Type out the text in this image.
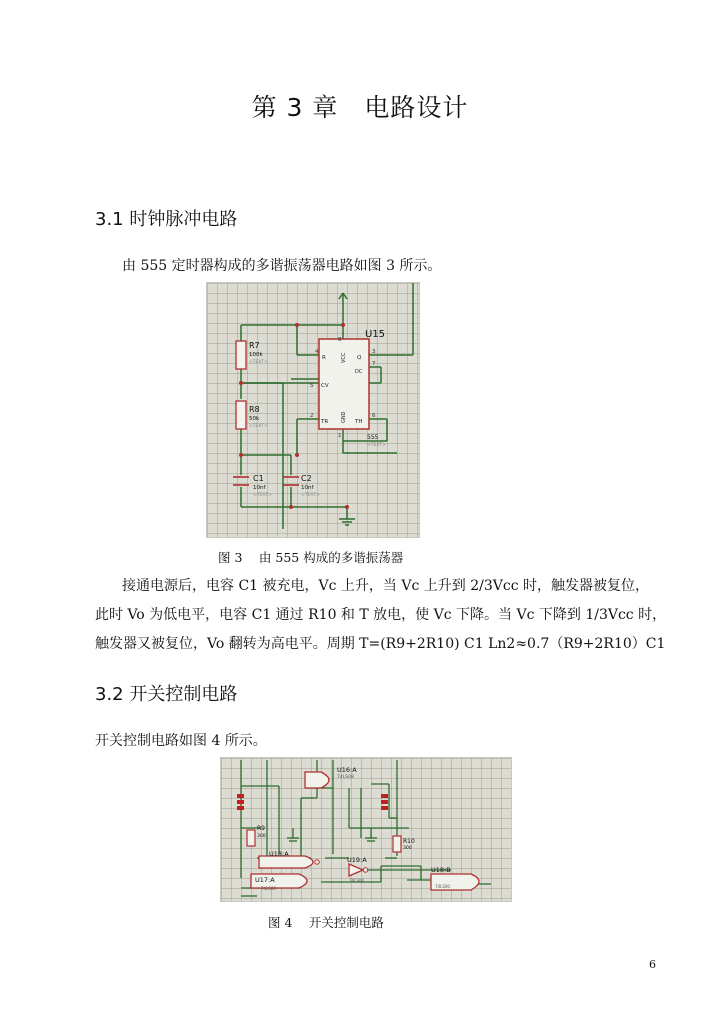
第 3 章　电路设计
3.1 时钟脉冲电路
由 555 定时器构成的多谐振荡器电路如图 3 所示。
U15
555
<TEXT>
R	VCC Q
DC
CV
TR	GND TH
4
8
3
7
5
2	6
1
R7
100k
<TEXT>
R8
50k
<TEXT>
C1
10nf
<TEXT>
C2
10nf
<TEXT>
图 3　 由 555 构成的多谐振荡器
接通电源后，电容 C1 被充电，Vc 上升，当 Vc 上升到 2/3Vcc 时，触发器被复位，
此时 Vo 为低电平，电容 C1 通过 R10 和 T 放电，使 Vc 下降。当 Vc 下降到 1/3Vcc 时，
触发器又被复位，Vo 翻转为高电平。周期 T=(R9+2R10) C1 Ln2≈0.7（R9+2R10）C1
3.2 开关控制电路
开关控制电路如图 4 所示。
U16:A
74LS08
U18:A
U17:A
U19:A
U18:B
R9
300
R10
300
74LS00
74LS04
74LS00
图 4　 开关控制电路
6
